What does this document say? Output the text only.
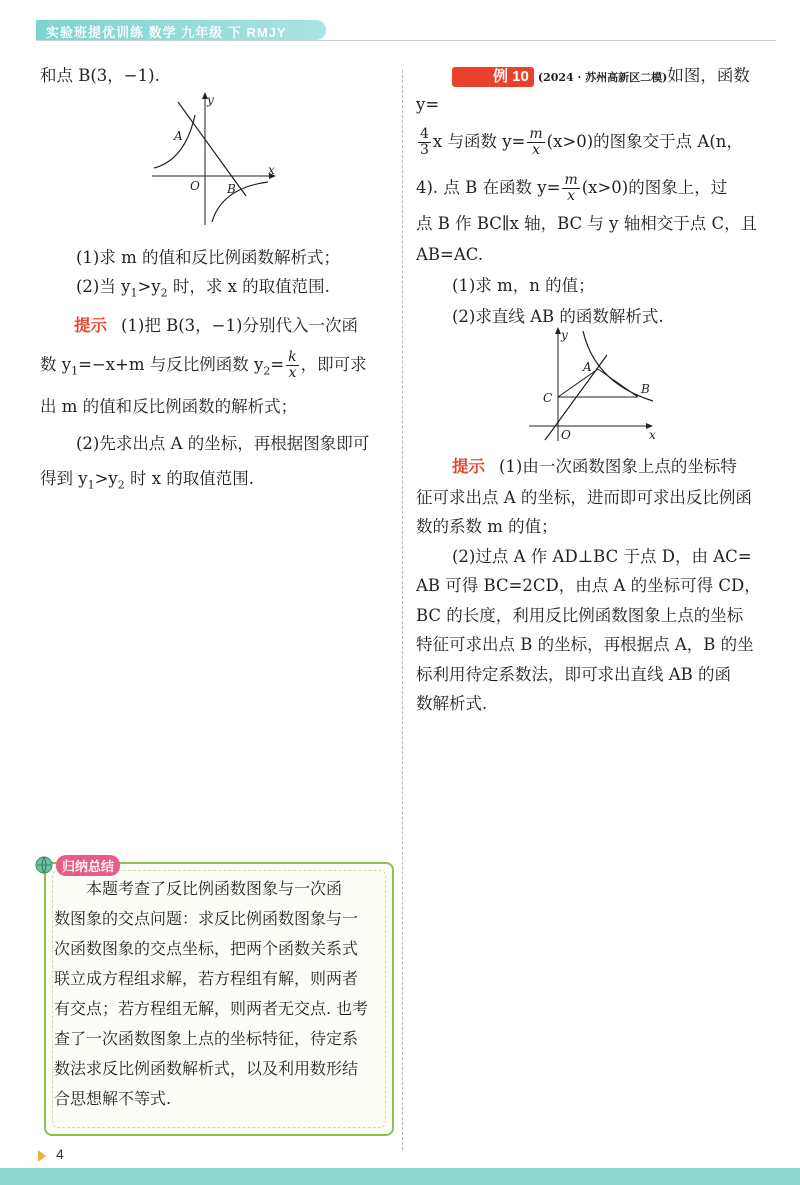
实验班提优训练 数学 九年级 下 RMJY

和点 B(3，−1).

y
x
O
A
B

(1)求 m 的值和反比例函数解析式；

(2)当 $y_1>y_2$ 时，求 x 的取值范围.

提示 (1)把 B(3，−1)分别代入一次函

数 $y_1=-x+m$ 与反比例函数 $y_2= \frac{k}{x}$ ，即可求

出 m 的值和反比例函数的解析式；

(2)先求出点 A 的坐标，再根据图象即可

得到 $y_1>y_2$ 时 x 的取值范围.

例 10 (2024 · 苏州高新区二模)如图，函数 y=

$\frac{4}{3}$ x 与函数 $y= \frac{m}{x} (x>0)$的图象交于点 A(n，

4). 点 B 在函数 $y= \frac{m}{x} (x>0)$的图象上，过

点 B 作 BC∥x 轴，BC 与 y 轴相交于点 C，且

AB=AC.

(1)求 m，n 的值；

(2)求直线 AB 的函数解析式.

y
x
O
A
B
C

提示 (1)由一次函数图象上点的坐标特

征可求出点 A 的坐标，进而即可求出反比例函

数的系数 m 的值；

(2)过点 A 作 AD⊥BC 于点 D，由 AC=

AB 可得 BC=2CD，由点 A 的坐标可得 CD，

BC 的长度，利用反比例函数图象上点的坐标

特征可求出点 B 的坐标，再根据点 A，B 的坐

标利用待定系数法，即可求出直线 AB 的函

数解析式.

归纳总结

本题考查了反比例函数图象与一次函

数图象的交点问题：求反比例函数图象与一

次函数图象的交点坐标，把两个函数关系式

联立成方程组求解，若方程组有解，则两者

有交点；若方程组无解，则两者无交点. 也考

查了一次函数图象上点的坐标特征，待定系

数法求反比例函数解析式，以及利用数形结

合思想解不等式.

4
